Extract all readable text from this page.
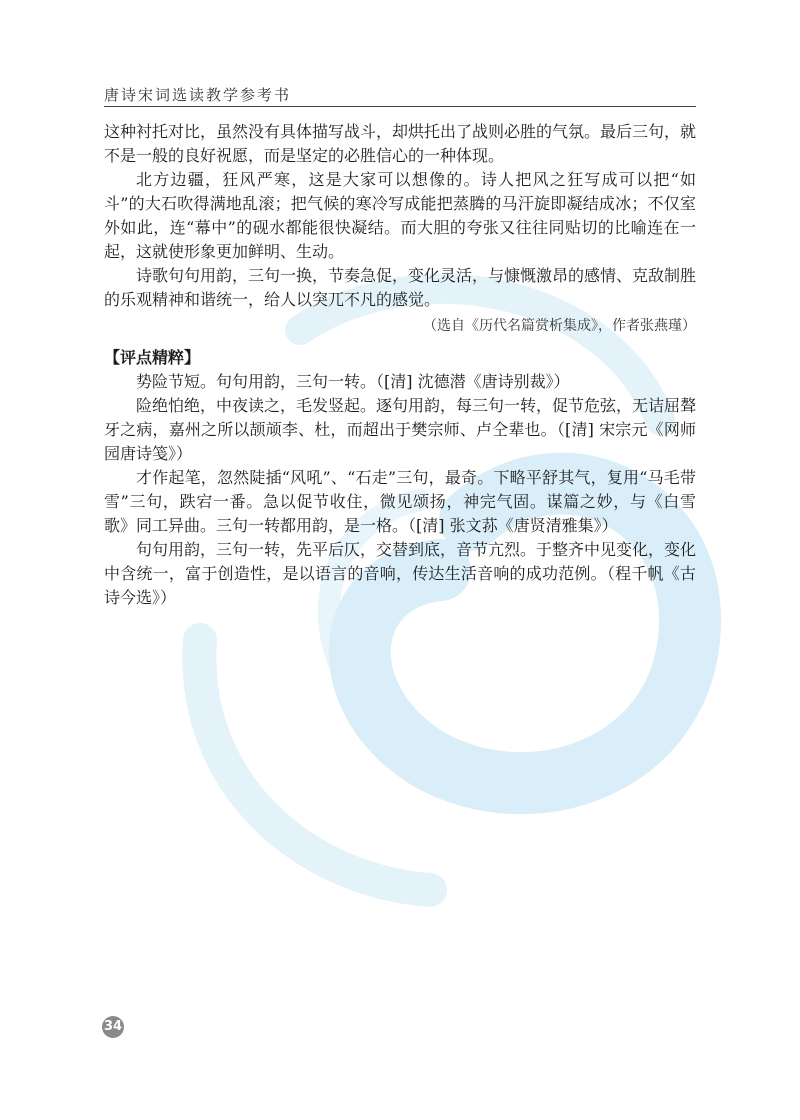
唐诗宋词选读教学参考书

这种衬托对比，虽然没有具体描写战斗，却烘托出了战则必胜的气氛。最后三句，就不是一般的良好祝愿，而是坚定的必胜信心的一种体现。

北方边疆，狂风严寒，这是大家可以想像的。诗人把风之狂写成可以把“如斗”的大石吹得满地乱滚；把气候的寒冷写成能把蒸腾的马汗旋即凝结成冰；不仅室外如此，连“幕中”的砚水都能很快凝结。而大胆的夸张又往往同贴切的比喻连在一起，这就使形象更加鲜明、生动。

诗歌句句用韵，三句一换，节奏急促，变化灵活，与慷慨激昂的感情、克敌制胜的乐观精神和谐统一，给人以突兀不凡的感觉。

（选自《历代名篇赏析集成》，作者张燕瑾）

【评点精粹】

势险节短。句句用韵，三句一转。（[清] 沈德潜《唐诗别裁》）

险绝怕绝，中夜读之，毛发竖起。逐句用韵，每三句一转，促节危弦，无诘屈聱牙之病，嘉州之所以颉颃李、杜，而超出于樊宗师、卢仝辈也。（[清] 宋宗元《网师园唐诗笺》）

才作起笔，忽然陡插“风吼”、“石走”三句，最奇。下略平舒其气，复用“马毛带雪”三句，跌宕一番。急以促节收住，微见颂扬，神完气固。谋篇之妙，与《白雪歌》同工异曲。三句一转都用韵，是一格。（[清] 张文荪《唐贤清雅集》）

句句用韵，三句一转，先平后仄，交替到底，音节亢烈。于整齐中见变化，变化中含统一，富于创造性，是以语言的音响，传达生活音响的成功范例。（程千帆《古诗今选》）

34
